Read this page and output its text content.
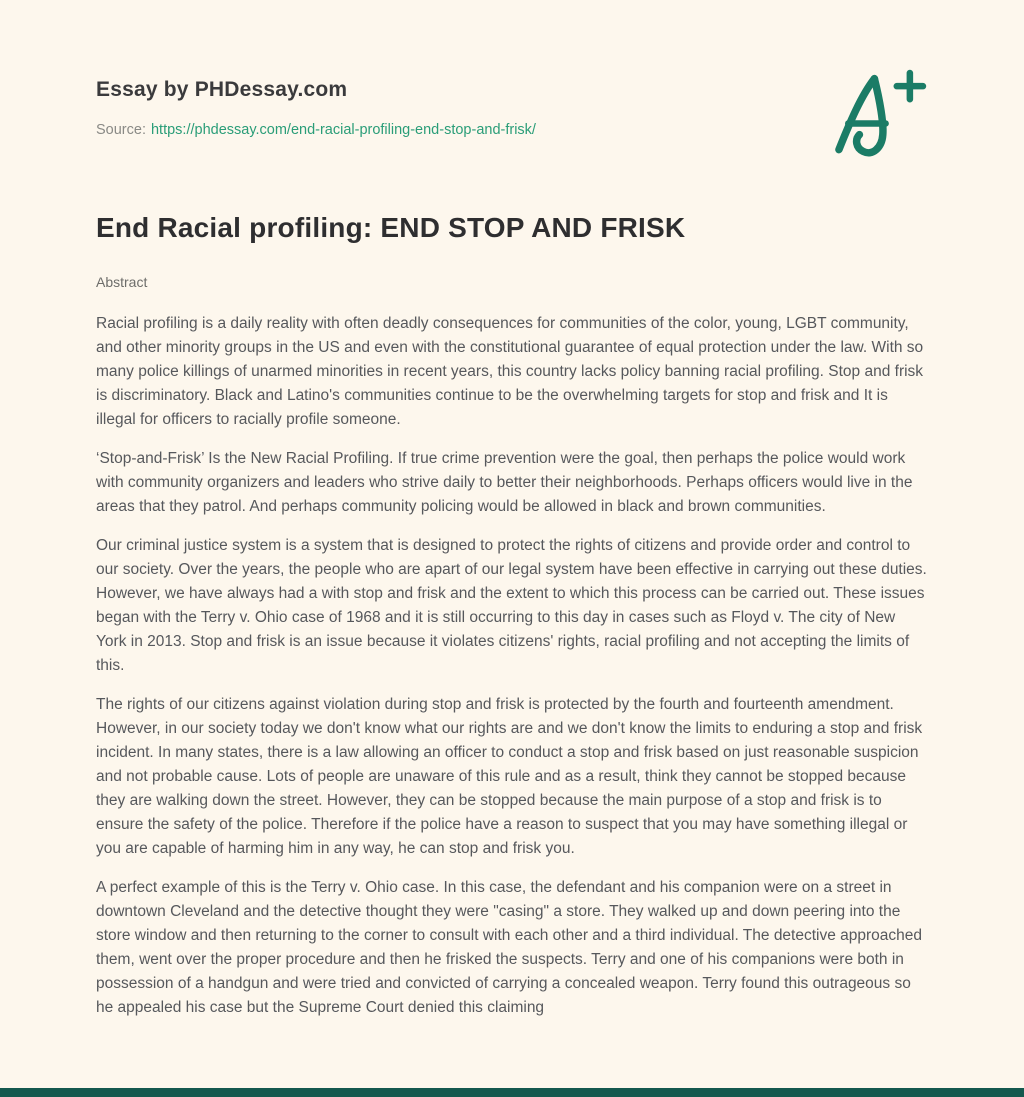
Essay by PHDessay.com
Source: https://phdessay.com/end-racial-profiling-end-stop-and-frisk/
End Racial profiling: END STOP AND FRISK
Abstract

Racial profiling is a daily reality with often deadly consequences for communities of the color, young, LGBT community, and other minority groups in the US and even with the constitutional guarantee of equal protection under the law. With so many police killings of unarmed minorities in recent years, this country lacks policy banning racial profiling. Stop and frisk is discriminatory. Black and Latino's communities continue to be the overwhelming targets for stop and frisk and It is illegal for officers to racially profile someone.

‘Stop-and-Frisk’ Is the New Racial Profiling. If true crime prevention were the goal, then perhaps the police would work with community organizers and leaders who strive daily to better their neighborhoods. Perhaps officers would live in the areas that they patrol. And perhaps community policing would be allowed in black and brown communities.

Our criminal justice system is a system that is designed to protect the rights of citizens and provide order and control to our society. Over the years, the people who are apart of our legal system have been effective in carrying out these duties. However, we have always had a with stop and frisk and the extent to which this process can be carried out. These issues began with the Terry v. Ohio case of 1968 and it is still occurring to this day in cases such as Floyd v. The city of New York in 2013. Stop and frisk is an issue because it violates citizens' rights, racial profiling and not accepting the limits of this.

The rights of our citizens against violation during stop and frisk is protected by the fourth and fourteenth amendment. However, in our society today we don't know what our rights are and we don't know the limits to enduring a stop and frisk incident. In many states, there is a law allowing an officer to conduct a stop and frisk based on just reasonable suspicion and not probable cause. Lots of people are unaware of this rule and as a result, think they cannot be stopped because they are walking down the street. However, they can be stopped because the main purpose of a stop and frisk is to ensure the safety of the police. Therefore if the police have a reason to suspect that you may have something illegal or you are capable of harming him in any way, he can stop and frisk you.

A perfect example of this is the Terry v. Ohio case. In this case, the defendant and his companion were on a street in downtown Cleveland and the detective thought they were "casing" a store. They walked up and down peering into the store window and then returning to the corner to consult with each other and a third individual. The detective approached them, went over the proper procedure and then he frisked the suspects. Terry and one of his companions were both in possession of a handgun and were tried and convicted of carrying a concealed weapon. Terry found this outrageous so he appealed his case but the Supreme Court denied this claiming
